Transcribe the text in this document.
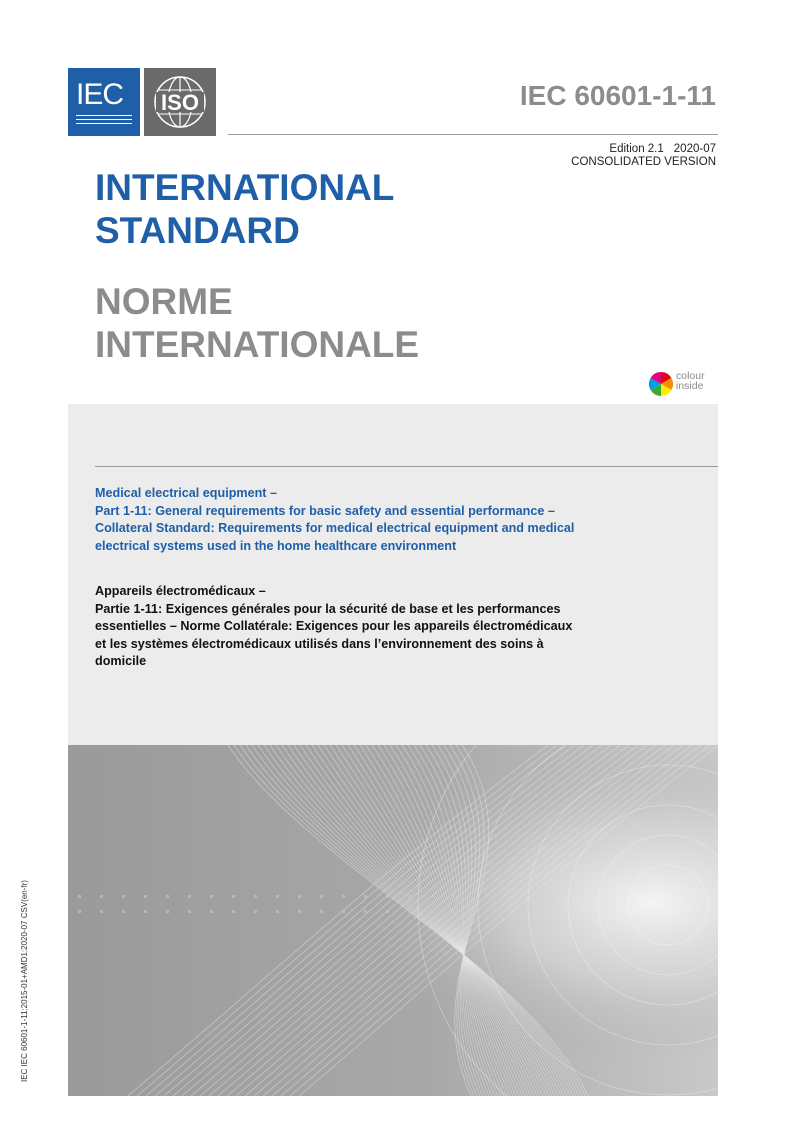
IEC ISO	IEC 60601-1-11
Edition 2.1 2020-07
CONSOLIDATED VERSION
INTERNATIONAL
STANDARD
NORME
INTERNATIONALE
colour
inside
Medical electrical equipment –
Part 1-11: General requirements for basic safety and essential performance –
Collateral Standard: Requirements for medical electrical equipment and medical
electrical systems used in the home healthcare environment
Appareils électromédicaux –
Partie 1-11: Exigences générales pour la sécurité de base et les performances
essentielles – Norme Collatérale: Exigences pour les appareils électromédicaux
et les systèmes électromédicaux utilisés dans l’environnement des soins à
domicile
IEC IEC 60601-1-11:2015-01+AMD1:2020-07 CSV(en-fr)
